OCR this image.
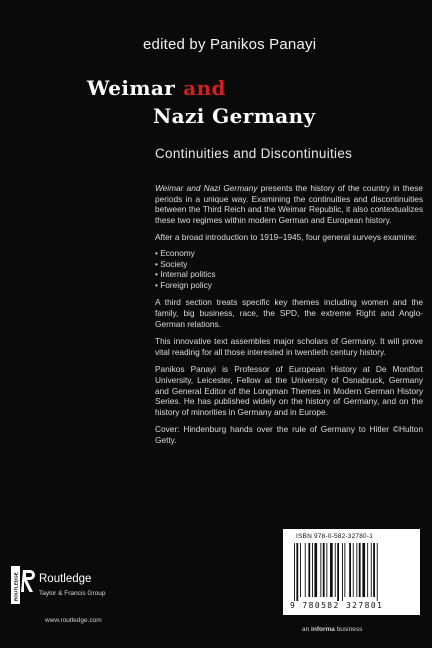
edited by Panikos Panayi
Weimar and
Nazi Germany
Continuities and Discontinuities

Weimar and Nazi Germany presents the history of the country in these periods in a unique way. Examining the continuities and discontinuities between the Third Reich and the Weimar Republic, it also contextualizes these two regimes within modern German and European history.

After a broad introduction to 1919–1945, four general surveys examine:

• Economy
• Society
• Internal politics
• Foreign policy

A third section treats specific key themes including women and the family, big business, race, the SPD, the extreme Right and Anglo-German relations.

This innovative text assembles major scholars of Germany. It will prove vital reading for all those interested in twentieth century history.

Panikos Panayi is Professor of European History at De Montfort University, Leicester, Fellow at the University of Osnabruck, Germany and General Editor of the Longman Themes in Modern German History Series. He has published widely on the history of Germany, and on the history of minorities in Germany and in Europe.

Cover: Hindenburg hands over the rule of Germany to Hitler ©Hulton Getty.

ISBN 978-0-582-32780-1
9 780582 327801
an informa business
ROUTLEDGE Routledge
Taylor & Francis Group
www.routledge.com
